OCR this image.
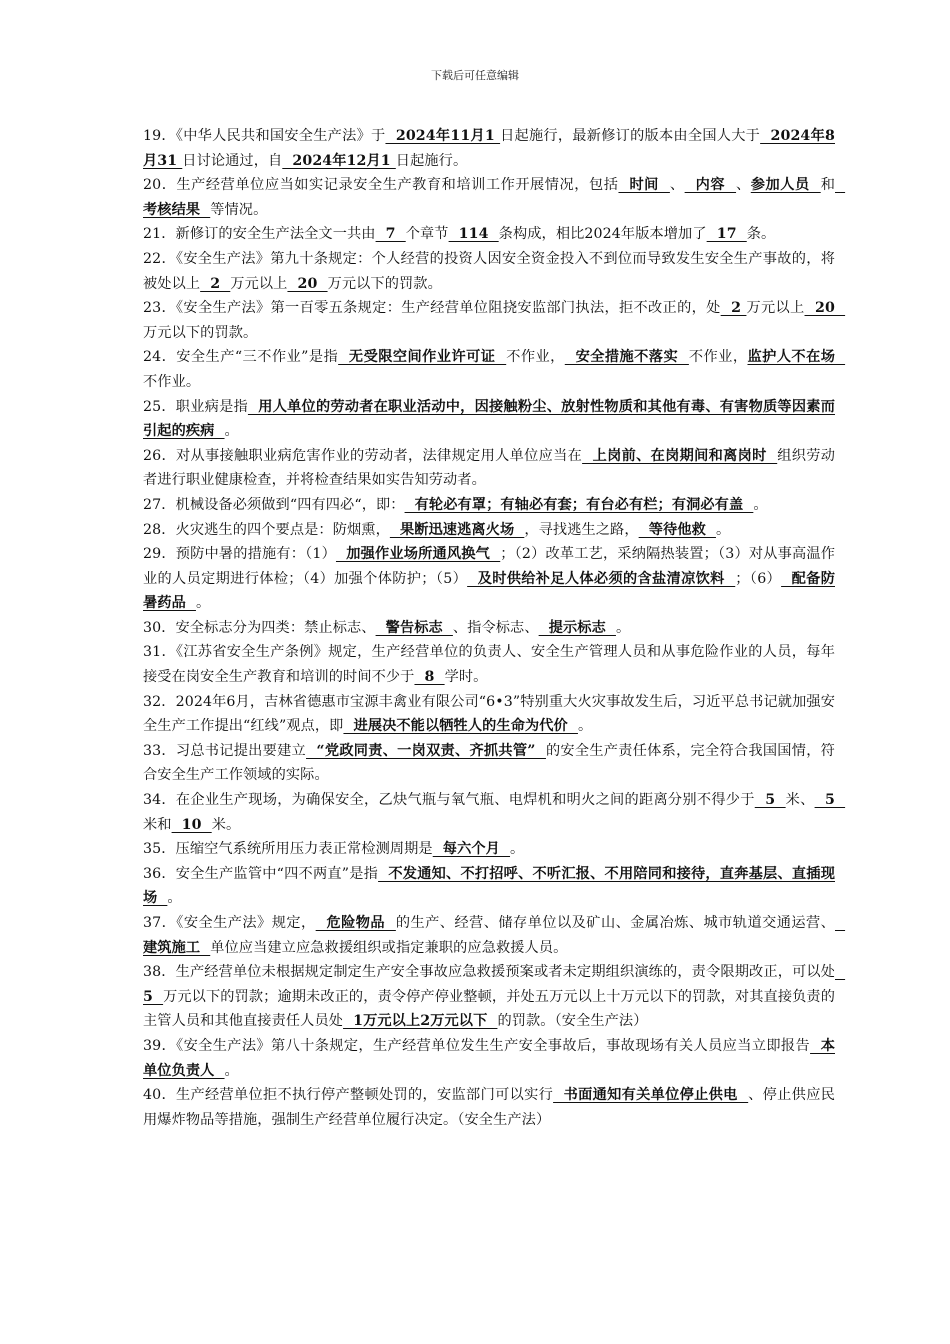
下载后可任意编辑

19．《中华人民共和国安全生产法》于  2024年11月1 日起施行，最新修订的版本由全国人大于  2024年8月31 日讨论通过，自  2024年12月1 日起施行。

20．生产经营单位应当如实记录安全生产教育和培训工作开展情况，包括  时间  、  内容  、参加人员  和  考核结果  等情况。

21．新修订的安全生产法全文一共由  7  个章节  114  条构成，相比2024年版本增加了  17  条。

22．《安全生产法》第九十条规定：个人经营的投资人因安全资金投入不到位而导致发生安全生产事故的，将被处以上  2  万元以上  20  万元以下的罚款。

23．《安全生产法》第一百零五条规定：生产经营单位阻挠安监部门执法，拒不改正的，处  2 万元以上  20  万元以下的罚款。

24．安全生产“三不作业”是指  无受限空间作业许可证  不作业，  安全措施不落实  不作业，监护人不在场  不作业。

25．职业病是指  用人单位的劳动者在职业活动中，因接触粉尘、放射性物质和其他有毒、有害物质等因素而引起的疾病  。

26．对从事接触职业病危害作业的劳动者，法律规定用人单位应当在  上岗前、在岗期间和离岗时  组织劳动者进行职业健康检查，并将检查结果如实告知劳动者。

27．机械设备必须做到“四有四必“，即：  有轮必有罩；有轴必有套；有台必有栏；有洞必有盖  。

28．火灾逃生的四个要点是：防烟熏，  果断迅速逃离火场  ，寻找逃生之路，  等待他救  。

29．预防中暑的措施有：（1）  加强作业场所通风换气  ；（2）改革工艺，采纳隔热装置；（3）对从事高温作业的人员定期进行体检；（4）加强个体防护；（5）  及时供给补足人体必须的含盐清凉饮料  ；（6）  配备防暑药品  。

30．安全标志分为四类：禁止标志、  警告标志  、指令标志、  提示标志  。

31．《江苏省安全生产条例》规定，生产经营单位的负责人、安全生产管理人员和从事危险作业的人员，每年接受在岗安全生产教育和培训的时间不少于  8  学时。

32．2024年6月，吉林省德惠市宝源丰禽业有限公司“6•3”特别重大火灾事故发生后，习近平总书记就加强安全生产工作提出“红线”观点，即  进展决不能以牺牲人的生命为代价  。

33．习总书记提出要建立  “党政同责、一岗双责、齐抓共管”  的安全生产责任体系，完全符合我国国情，符合安全生产工作领域的实际。

34．在企业生产现场，为确保安全，乙炔气瓶与氧气瓶、电焊机和明火之间的距离分别不得少于  5  米、  5  米和  10  米。

35．压缩空气系统所用压力表正常检测周期是  每六个月  。

36．安全生产监管中“四不两直”是指  不发通知、不打招呼、不听汇报、不用陪同和接待，直奔基层、直插现场  。

37．《安全生产法》规定，  危险物品  的生产、经营、储存单位以及矿山、金属冶炼、城市轨道交通运营、  建筑施工  单位应当建立应急救援组织或指定兼职的应急救援人员。

38．生产经营单位未根据规定制定生产安全事故应急救援预案或者未定期组织演练的，责令限期改正，可以处  5  万元以下的罚款；逾期未改正的，责令停产停业整顿，并处五万元以上十万元以下的罚款，对其直接负责的主管人员和其他直接责任人员处  1万元以上2万元以下  的罚款。（安全生产法）

39．《安全生产法》第八十条规定，生产经营单位发生生产安全事故后，事故现场有关人员应当立即报告  本单位负责人  。

40．生产经营单位拒不执行停产整顿处罚的，安监部门可以实行  书面通知有关单位停止供电  、停止供应民用爆炸物品等措施，强制生产经营单位履行决定。（安全生产法）
